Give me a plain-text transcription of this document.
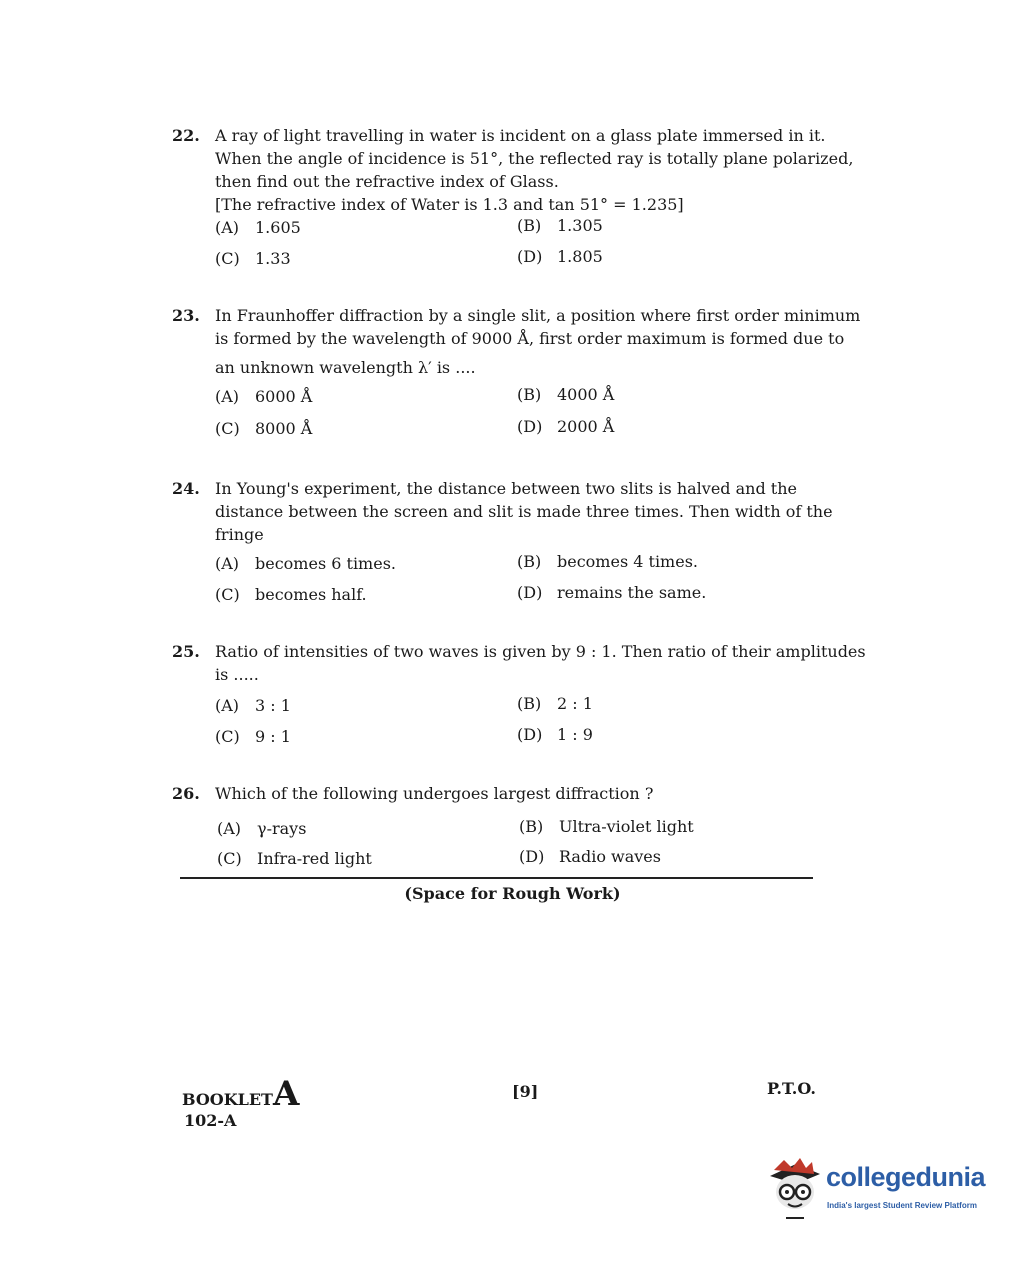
22. A ray of light travelling in water is incident on a glass plate immersed in it.
When the angle of incidence is 51°, the reflected ray is totally plane polarized,
then find out the refractive index of Glass.
[The refractive index of Water is 1.3 and tan 51° = 1.235]
(A) 1.605	(B) 1.305
(C) 1.33	(D) 1.805
23. In Fraunhoffer diffraction by a single slit, a position where first order minimum
is formed by the wavelength of 9000 Å, first order maximum is formed due to
an unknown wavelength λ′ is ....
(A) 6000 Å	(B) 4000 Å
(C) 8000 Å	(D) 2000 Å
24. In Young's experiment, the distance between two slits is halved and the
distance between the screen and slit is made three times. Then width of the
fringe
(A) becomes 6 times.	(B) becomes 4 times.
(C) becomes half.	(D) remains the same.
25. Ratio of intensities of two waves is given by 9 : 1. Then ratio of their amplitudes
is .....
(A) 3 : 1	(B) 2 : 1
(C) 9 : 1	(D) 1 : 9
26. Which of the following undergoes largest diffraction ?
(A) γ-rays	(B) Ultra-violet light
(C) Infra-red light	(D) Radio waves
(Space for Rough Work)
BOOKLETA
102-A
[9]	P.T.O.
collegedunia
India's largest Student Review Platform
